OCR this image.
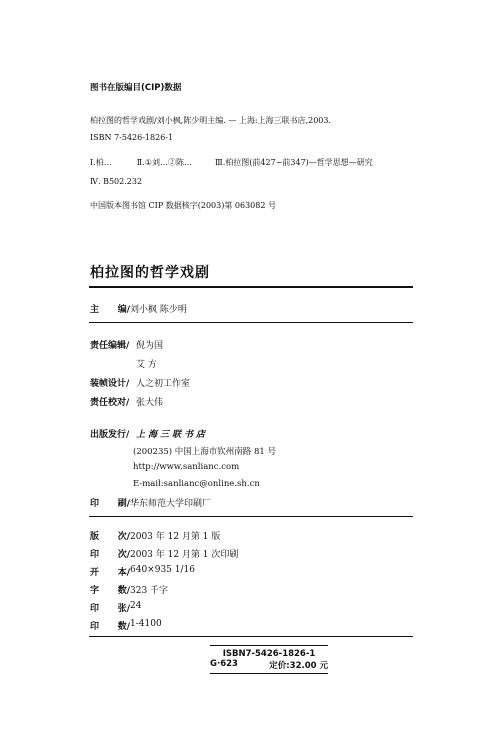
图书在版编目(CIP)数据
柏拉图的哲学戏剧/刘小枫,陈少明主编. — 上海:上海三联书店,2003.
ISBN 7-5426-1826-1
Ⅰ.柏…	Ⅱ.①刘…②陈…	Ⅲ.柏拉图(前427~前347)—哲学思想—研究
Ⅳ. B502.232
中国版本图书馆 CIP 数据核字(2003)第 063082 号
柏拉图的哲学戏剧
主 编/ 刘小枫 陈少明
责任编辑/ 倪为国
艾 方
装帧设计/ 人之初工作室
责任校对/ 张大伟
出版发行/ 上海三联书店
(200235) 中国上海市钦州南路 81 号
http://www.sanlianc.com
E-mail:sanlianc@online.sh.cn
印 刷/ 华东师范大学印刷厂
版 次/ 2003 年 12 月第 1 版
印 次/ 2003 年 12 月第 1 次印刷
开 本/ 640×935 1/16
字 数/ 323 千字
印 张/ 24
印 数/ 1-4100
ISBN7-5426-1826-1
G·623	定价:32.00 元
